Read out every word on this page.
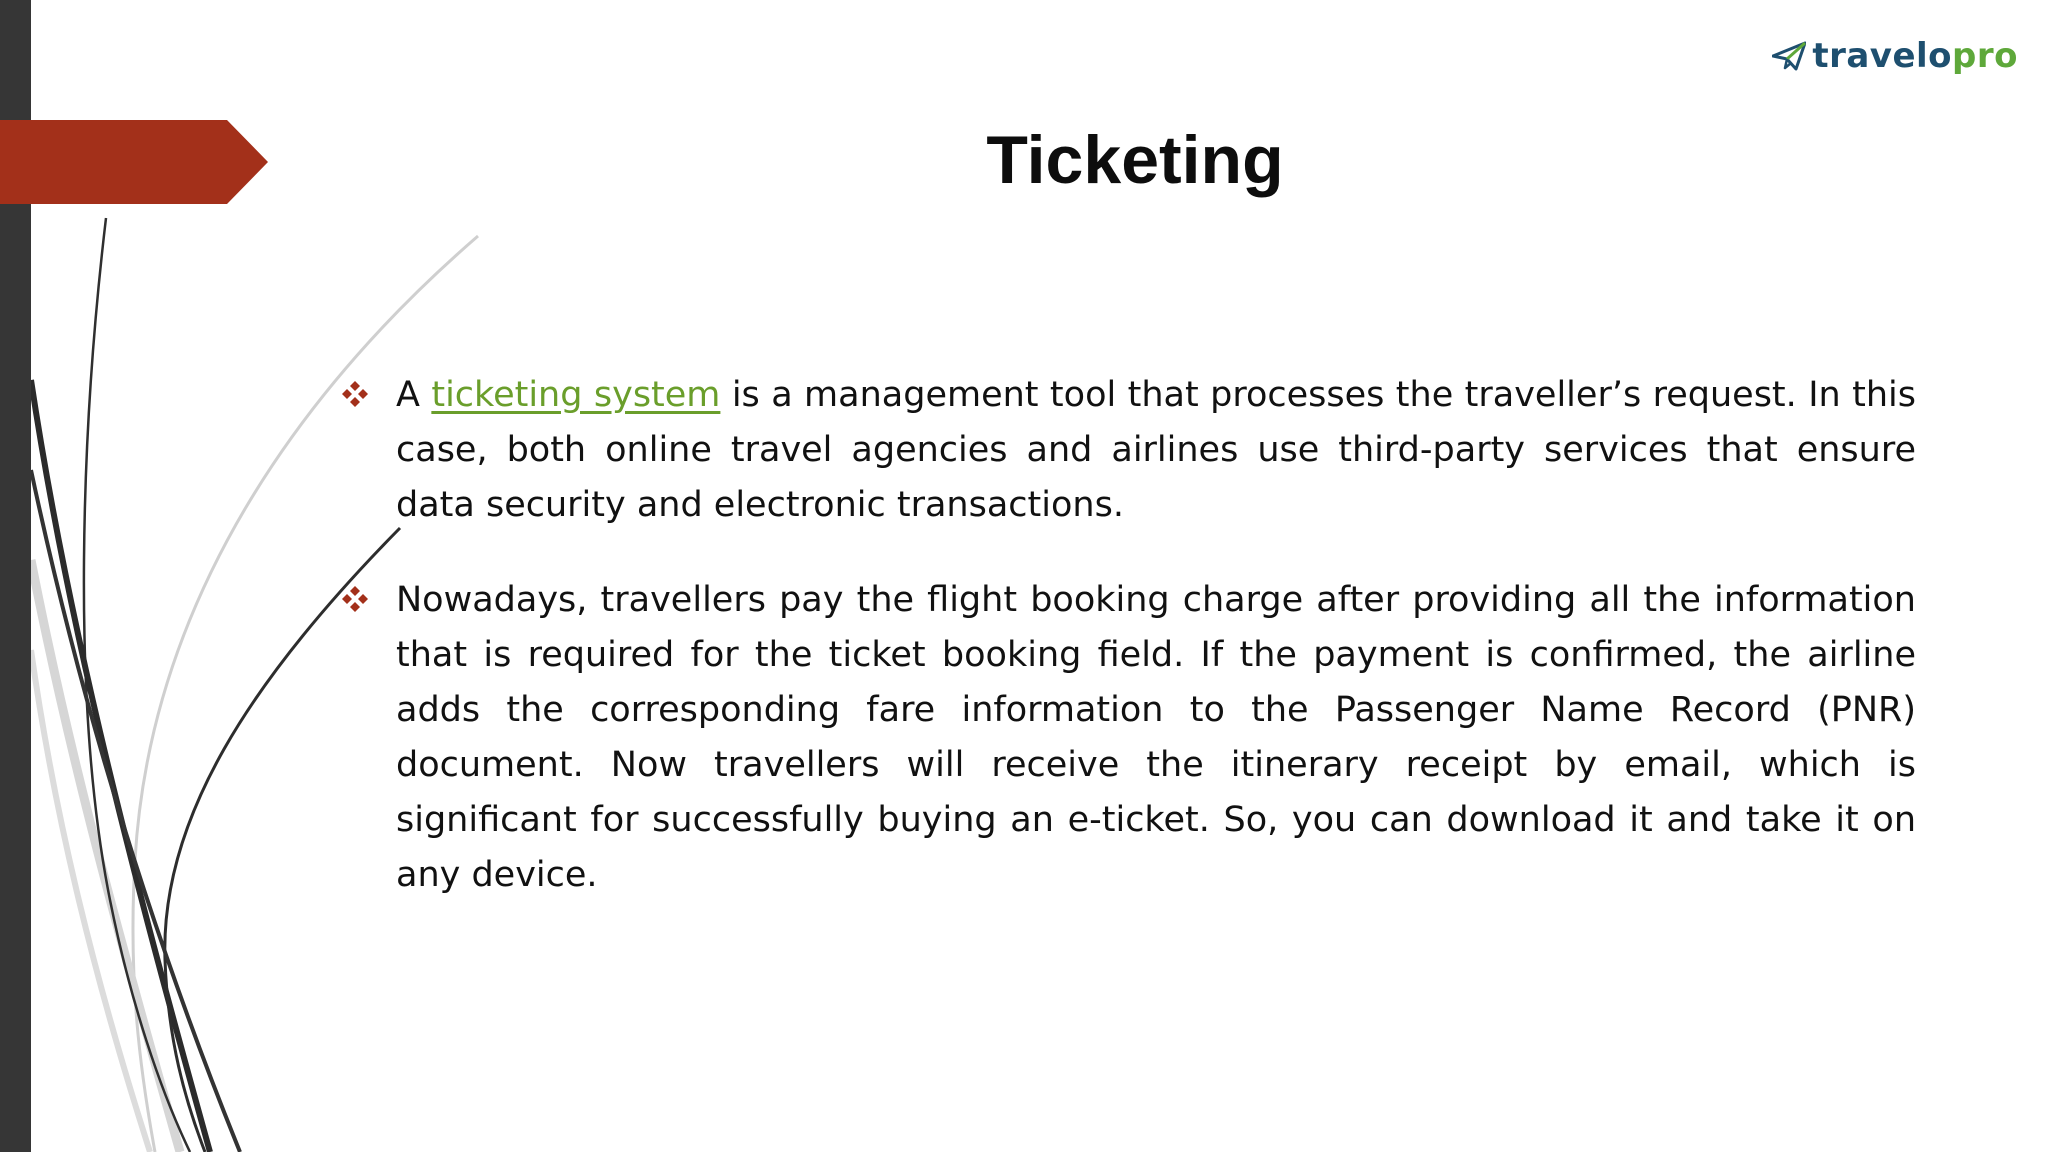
travelopro
Ticketing

A ticketing system is a management tool that processes the traveller’s request. In this case, both online travel agencies and airlines use third-party services that ensure data security and electronic transactions.

Nowadays, travellers pay the flight booking charge after providing all the information that is required for the ticket booking field. If the payment is confirmed, the airline adds the corresponding fare information to the Passenger Name Record (PNR) document. Now travellers will receive the itinerary receipt by email, which is significant for successfully buying an e-ticket. So, you can download it and take it on any device.
